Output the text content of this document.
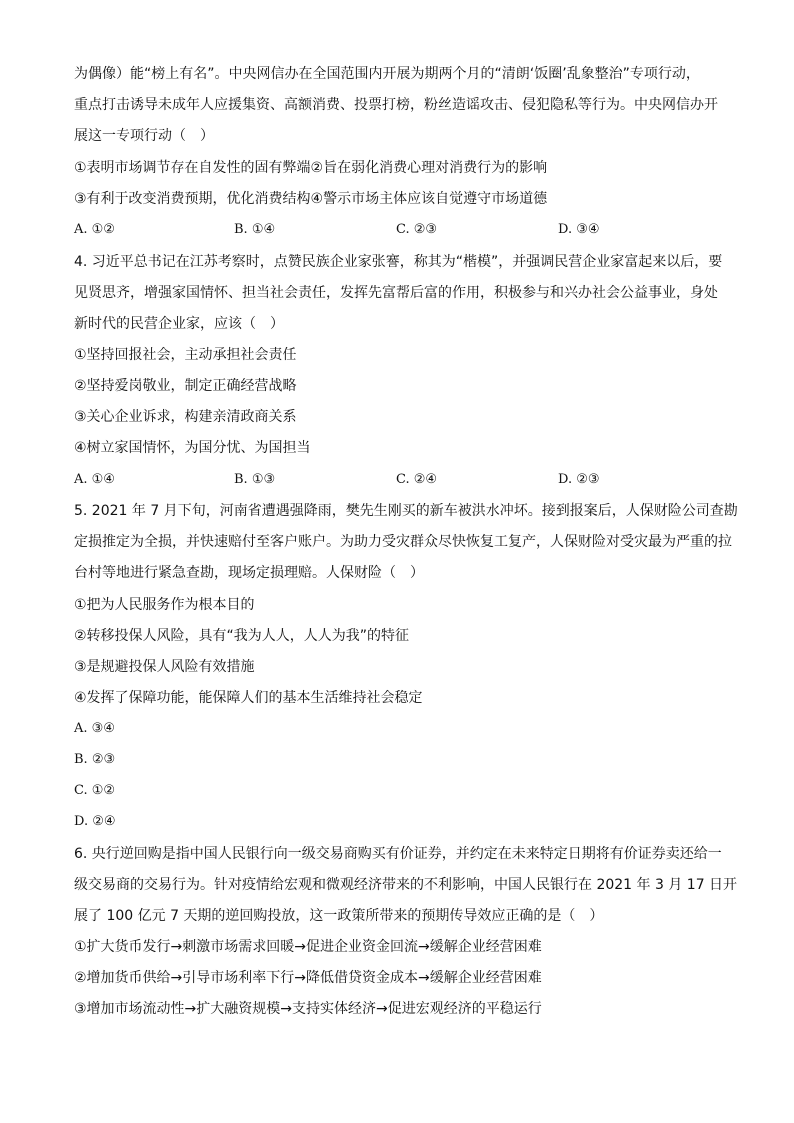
为偶像）能“榜上有名”。中央网信办在全国范围内开展为期两个月的“清朗‘饭圈’乱象整治”专项行动，
重点打击诱导未成年人应援集资、高额消费、投票打榜，粉丝造谣攻击、侵犯隐私等行为。中央网信办开
展这一专项行动（　）
①表明市场调节存在自发性的固有弊端②旨在弱化消费心理对消费行为的影响
③有利于改变消费预期，优化消费结构④警示市场主体应该自觉遵守市场道德
A. ①②	B. ①④	C. ②③	D. ③④
4. 习近平总书记在江苏考察时，点赞民族企业家张謇，称其为“楷模”，并强调民营企业家富起来以后，要
见贤思齐，增强家国情怀、担当社会责任，发挥先富帮后富的作用，积极参与和兴办社会公益事业，身处
新时代的民营企业家，应该（　）
①坚持回报社会，主动承担社会责任
②坚持爱岗敬业，制定正确经营战略
③关心企业诉求，构建亲清政商关系
④树立家国情怀，为国分忧、为国担当
A. ①④	B. ①③	C. ②④	D. ②③
5. 2021 年 7 月下旬，河南省遭遇强降雨，樊先生刚买的新车被洪水冲坏。接到报案后，人保财险公司查勘
定损推定为全损，并快速赔付至客户账户。为助力受灾群众尽快恢复工复产，人保财险对受灾最为严重的拉
台村等地进行紧急查勘，现场定损理赔。人保财险（　）
①把为人民服务作为根本目的
②转移投保人风险，具有“我为人人，人人为我”的特征
③是规避投保人风险有效措施
④发挥了保障功能，能保障人们的基本生活维持社会稳定
A. ③④
B. ②③
C. ①②
D. ②④
6. 央行逆回购是指中国人民银行向一级交易商购买有价证券，并约定在未来特定日期将有价证券卖还给一
级交易商的交易行为。针对疫情给宏观和微观经济带来的不利影响，中国人民银行在 2021 年 3 月 17 日开
展了 100 亿元 7 天期的逆回购投放，这一政策所带来的预期传导效应正确的是（　）
①扩大货币发行→刺激市场需求回暖→促进企业资金回流→缓解企业经营困难
②增加货币供给→引导市场利率下行→降低借贷资金成本→缓解企业经营困难
③增加市场流动性→扩大融资规模→支持实体经济→促进宏观经济的平稳运行
